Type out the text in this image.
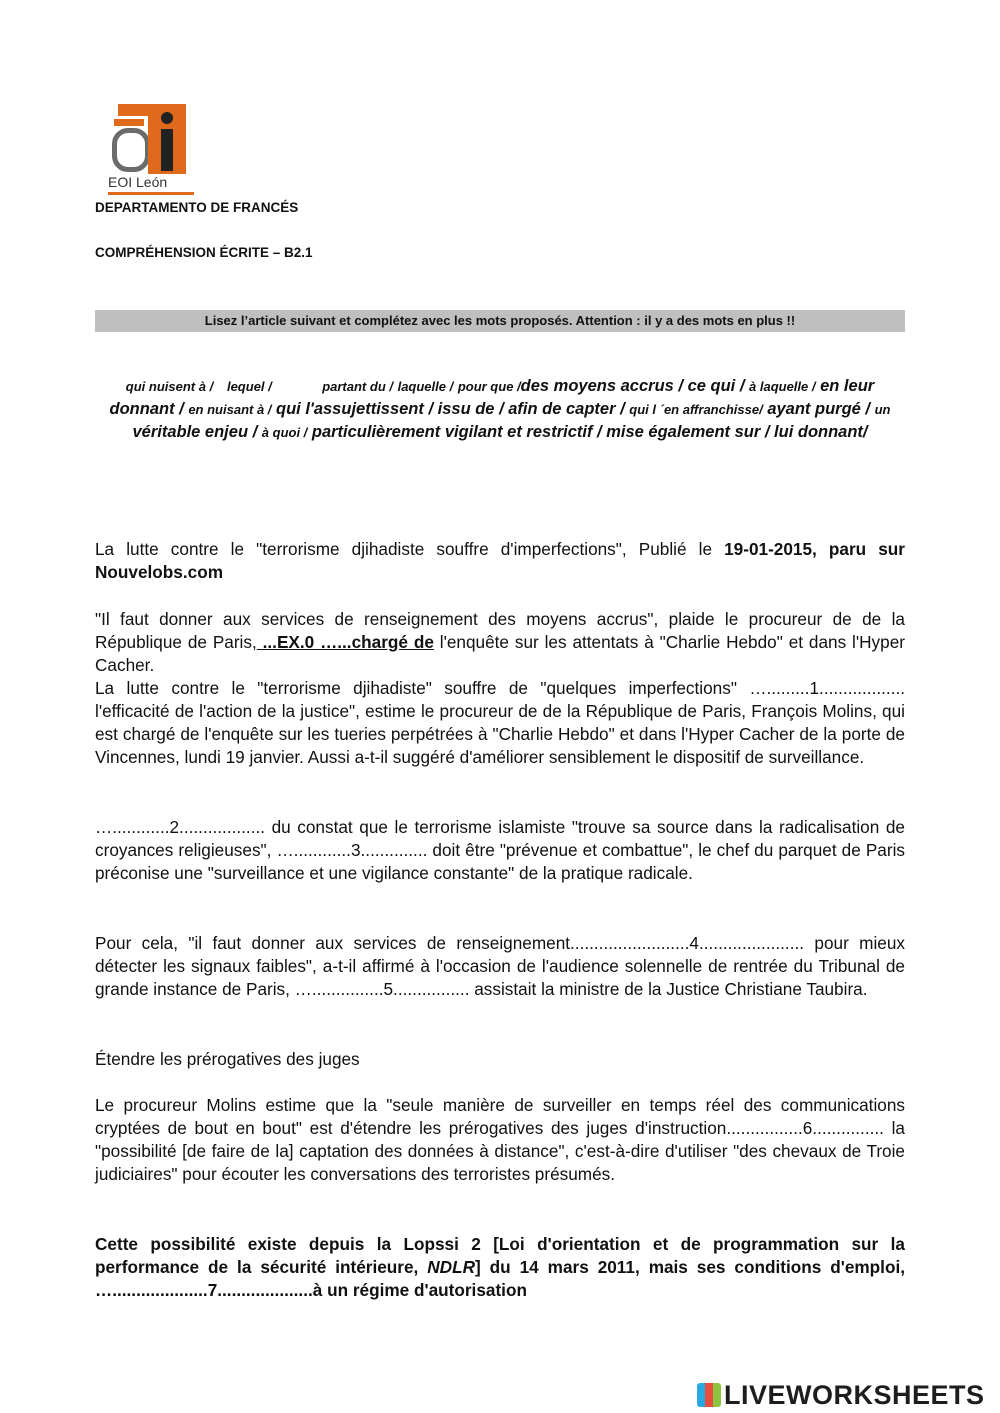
EOI León
DEPARTAMENTO DE FRANCÉS
COMPRÉHENSION ÉCRITE – B2.1
Lisez l’article suivant et complétez avec les mots proposés. Attention : il y a des mots en plus !!
qui nuisent à / lequel /	partant du / laquelle / pour que /des moyens accrus / ce qui / à laquelle / en leur donnant / en nuisant à / qui l'assujettissent / issu de / afin de capter / qui l ´en affranchisse/ ayant purgé / un véritable enjeu / à quoi / particulièrement vigilant et restrictif / mise également sur / lui donnant/

La lutte contre le "terrorisme djihadiste souffre d'imperfections", Publié le 19-01-2015, paru sur Nouvelobs.com

"Il faut donner aux services de renseignement des moyens accrus", plaide le procureur de de la République de Paris, ...EX.0 …...chargé de l'enquête sur les attentats à "Charlie Hebdo" et dans l'Hyper Cacher.

La lutte contre le "terrorisme djihadiste" souffre de "quelques imperfections" ….........1.................. l'efficacité de l'action de la justice", estime le procureur de de la République de Paris, François Molins, qui est chargé de l'enquête sur les tueries perpétrées à "Charlie Hebdo" et dans l'Hyper Cacher de la porte de Vincennes, lundi 19 janvier. Aussi a-t-il suggéré d'améliorer sensiblement le dispositif de surveillance.

…............2.................. du constat que le terrorisme islamiste "trouve sa source dans la radicalisation de croyances religieuses", …............3.............. doit être "prévenue et combattue", le chef du parquet de Paris préconise une "surveillance et une vigilance constante" de la pratique radicale.

Pour cela, "il faut donner aux services de renseignement.........................4...................... pour mieux détecter les signaux faibles", a-t-il affirmé à l'occasion de l'audience solennelle de rentrée du Tribunal de grande instance de Paris, …...............5................ assistait la ministre de la Justice Christiane Taubira.

Étendre les prérogatives des juges

Le procureur Molins estime que la "seule manière de surveiller en temps réel des communications cryptées de bout en bout" est d'étendre les prérogatives des juges d'instruction................6............... la "possibilité [de faire de la] captation des données à distance", c'est-à-dire d'utiliser "des chevaux de Troie judiciaires" pour écouter les conversations des terroristes présumés.

Cette possibilité existe depuis la Lopssi 2 [Loi d'orientation et de programmation sur la performance de la sécurité intérieure, NDLR] du 14 mars 2011, mais ses conditions d'emploi, …....................7....................à un régime d'autorisation

LIVEWORKSHEETS
